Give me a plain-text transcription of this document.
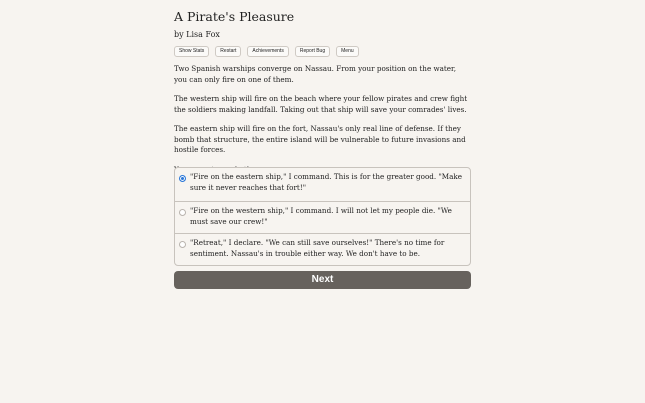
A Pirate's Pleasure
by Lisa Fox
Show Stats	Restart	Achievements	Report Bug	Menu

Two Spanish warships converge on Nassau. From your position on the water, you can only fire on one of them.

The western ship will fire on the beach where your fellow pirates and crew fight the soldiers making landfall. Taking out that ship will save your comrades' lives.

The eastern ship will fire on the fort, Nassau's only real line of defense. If they bomb that structure, the entire island will be vulnerable to future invasions and hostile forces.

"Fire on the eastern ship," I command. This is for the greater good. "Make sure it never reaches that fort!"
"Fire on the western ship," I command. I will not let my people die. "We must save our crew!"
"Retreat," I declare. "We can still save ourselves!" There's no time for sentiment. Nassau's in trouble either way. We don't have to be.
Next
